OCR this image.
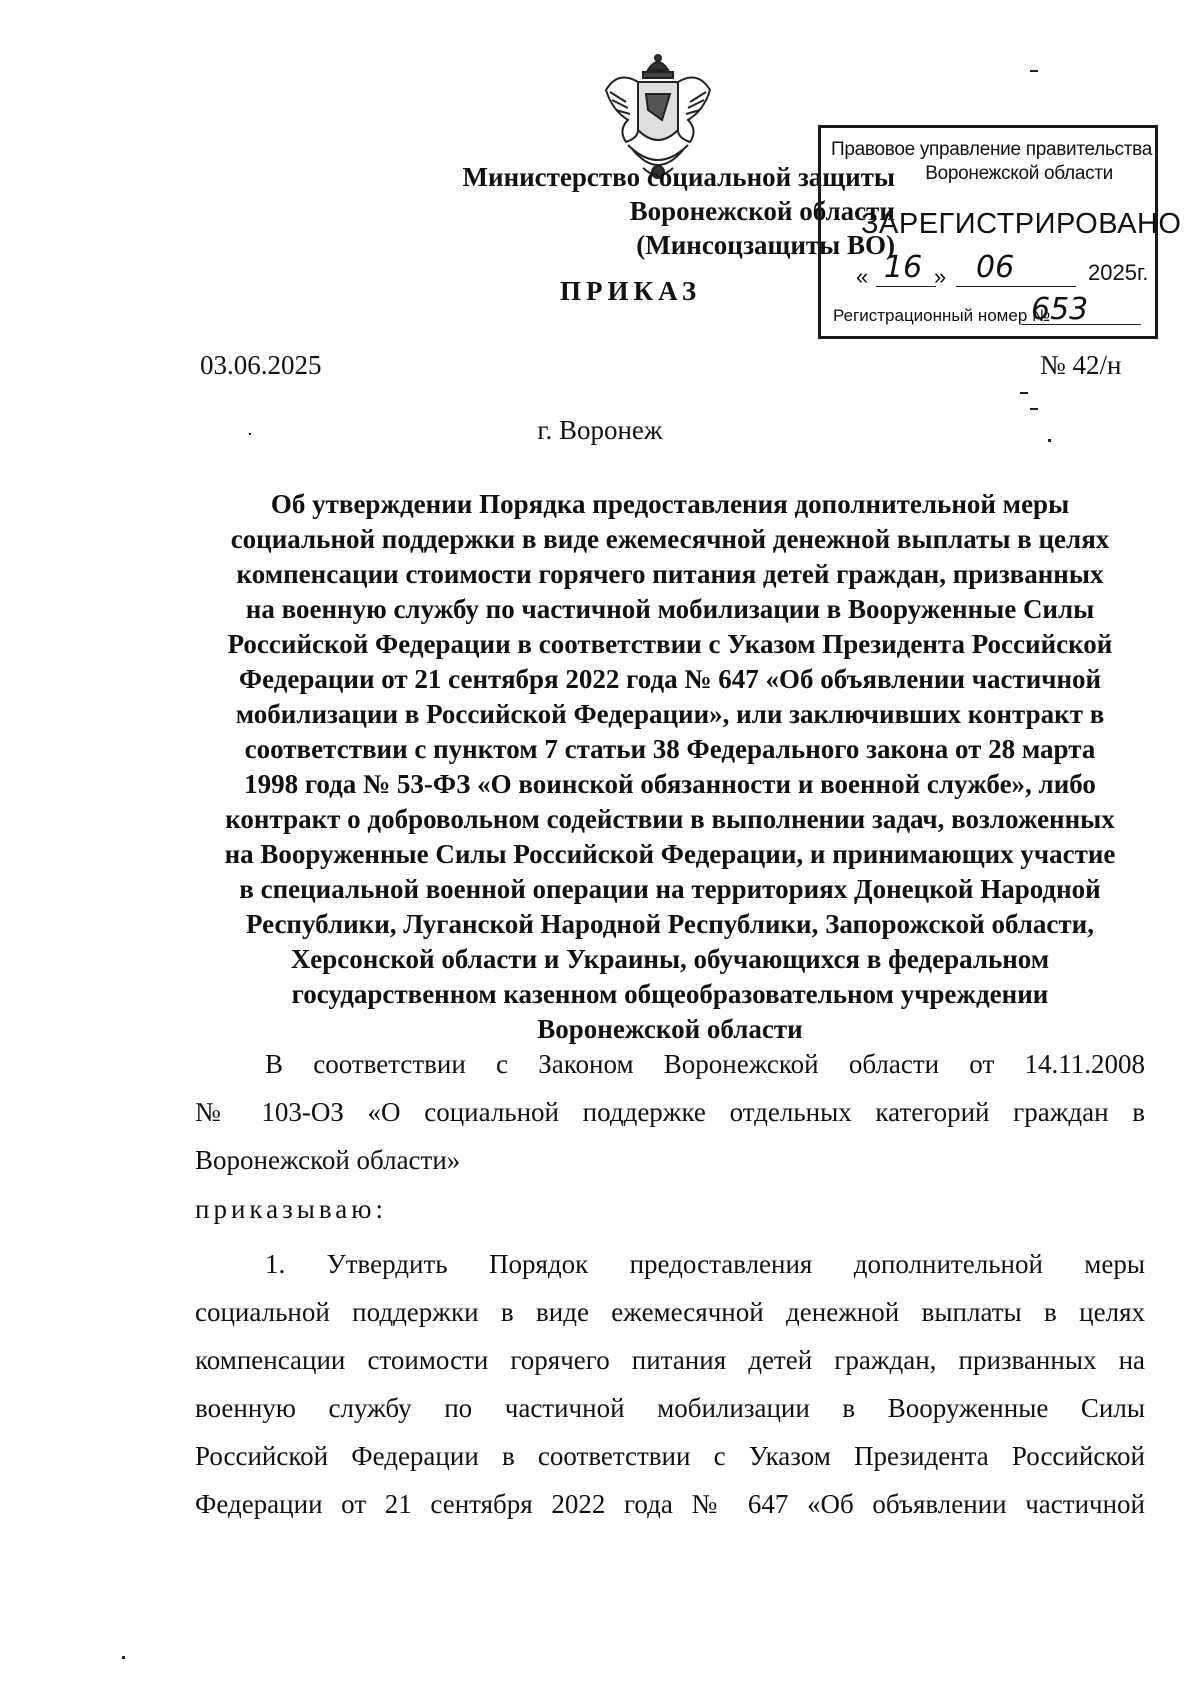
Министерство социальной защиты
Воронежской области
(Минсоцзащиты ВО)
Правовое управление правительства
Воронежской области
ЗАРЕГИСТРИРОВАНО
« 16 » 06	2025г.
Регистрационный номер №
653
ПРИКАЗ
03.06.2025	№ 42/н
г. Воронеж
Об утверждении Порядка предоставления дополнительной меры
социальной поддержки в виде ежемесячной денежной выплаты в целях
компенсации стоимости горячего питания детей граждан, призванных
на военную службу по частичной мобилизации в Вооруженные Силы
Российской Федерации в соответствии с Указом Президента Российской
Федерации от 21 сентября 2022 года № 647 «Об объявлении частичной
мобилизации в Российской Федерации», или заключивших контракт в
соответствии с пунктом 7 статьи 38 Федерального закона от 28 марта
1998 года № 53-ФЗ «О воинской обязанности и военной службе», либо
контракт о добровольном содействии в выполнении задач, возложенных
на Вооруженные Силы Российской Федерации, и принимающих участие
в специальной военной операции на территориях Донецкой Народной
Республики, Луганской Народной Республики, Запорожской области,
Херсонской области и Украины, обучающихся в федеральном
государственном казенном общеобразовательном учреждении
Воронежской области
В соответствии с Законом Воронежской области от 14.11.2008
№ 103-ОЗ «О социальной поддержке отдельных категорий граждан в
Воронежской области»
приказываю:
1. Утвердить Порядок предоставления дополнительной меры
социальной поддержки в виде ежемесячной денежной выплаты в целях
компенсации стоимости горячего питания детей граждан, призванных на
военную службу по частичной мобилизации в Вооруженные Силы
Российской Федерации в соответствии с Указом Президента Российской
Федерации от 21 сентября 2022 года № 647 «Об объявлении частичной
